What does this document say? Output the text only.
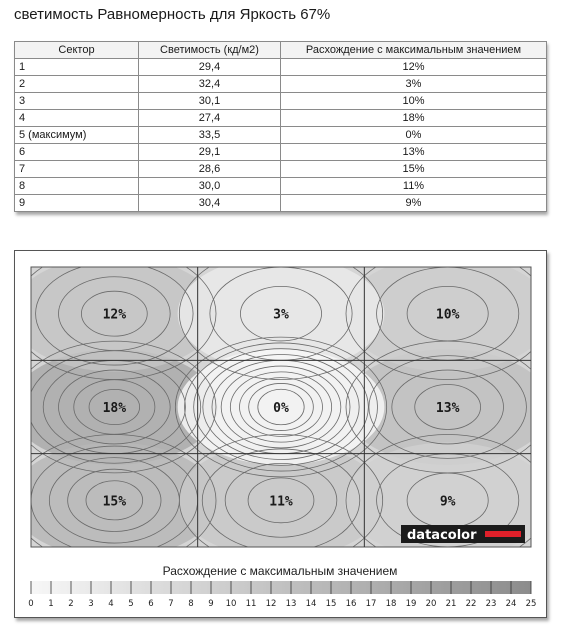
светимость Равномерность для Яркость 67%
Сектор	Светимость (кд/м2)	Расхождение с максимальным значением
1	29,4	12%
2	32,4	3%
3	30,1	10%
4	27,4	18%
5 (максимум)	33,5	0%
6	29,1	13%
7	28,6	15%
8	30,0	11%
9	30,4	9%
12%	3%	10%
18%	0%	13%
15%	11%	9%
datacolor
Расхождение с максимальным значением
0 1 2 3 4 5 6 7 8 9 10 11 12 13 14 15 16 17 18 19 20 21 22 23 24 25
